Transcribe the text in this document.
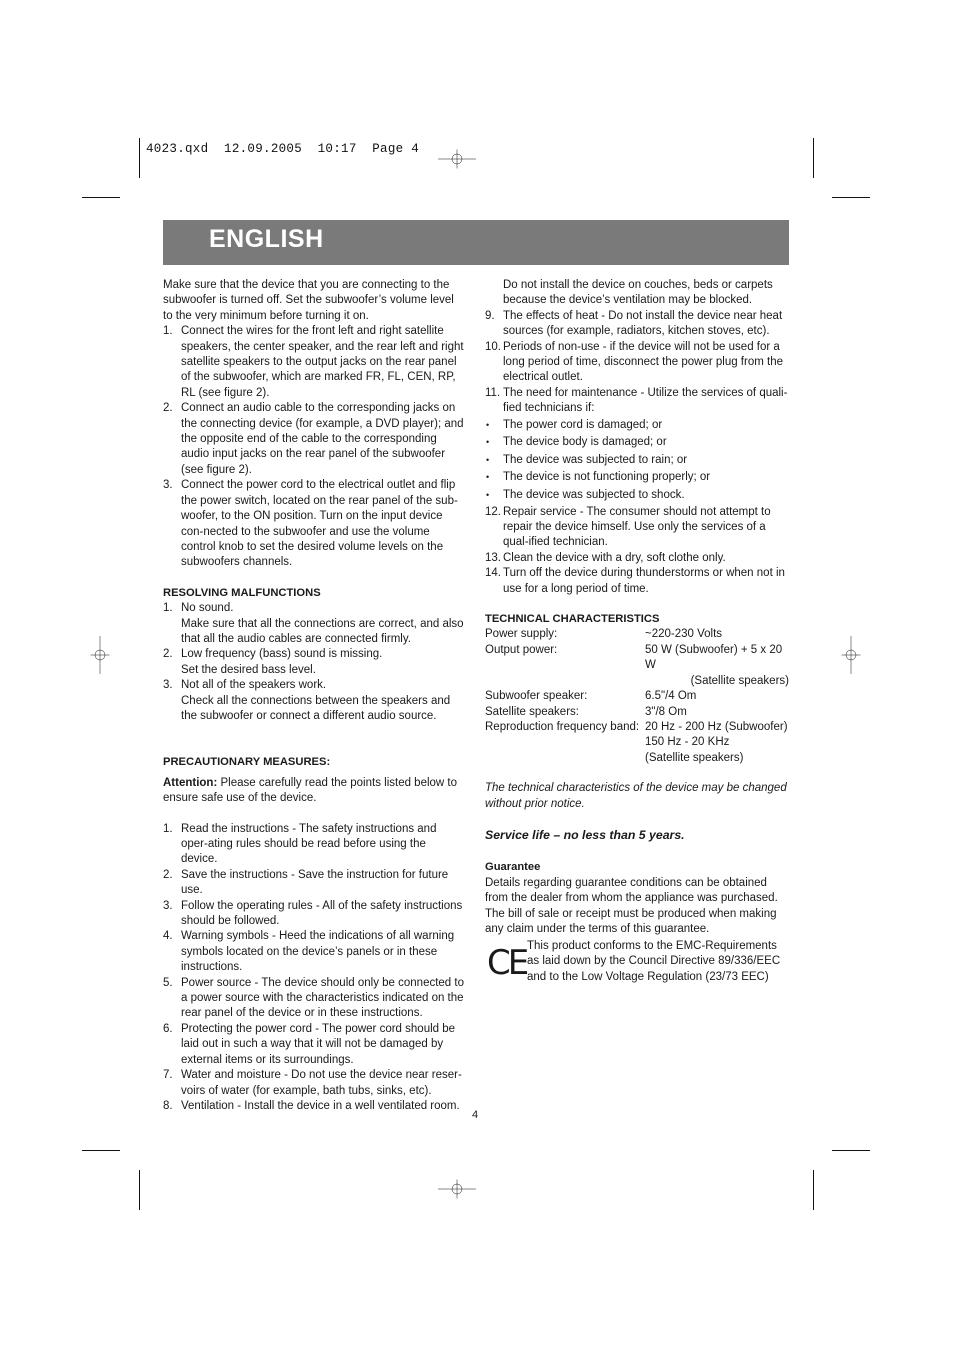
4023.qxd  12.09.2005  10:17  Page 4
ENGLISH

Make sure that the device that you are connecting to the subwoofer is turned off. Set the subwoofer’s volume level to the very minimum before turning it on.

1. Connect the wires for the front left and right satellite speakers, the center speaker, and the rear left and right satellite speakers to the output jacks on the rear panel of the subwoofer, which are marked FR, FL, CEN, RP, RL (see figure 2).
2. Connect an audio cable to the corresponding jacks on the connecting device (for example, a DVD player); and the opposite end of the cable to the corresponding audio input jacks on the rear panel of the subwoofer (see figure 2).
3. Connect the power cord to the electrical outlet and flip the power switch, located on the rear panel of the sub-woofer, to the ON position. Turn on the input device con-nected to the subwoofer and use the volume control knob to set the desired volume levels on the subwoofers channels.

RESOLVING MALFUNCTIONS

1. No sound.
Make sure that all the connections are correct, and also that all the audio cables are connected firmly.
2. Low frequency (bass) sound is missing.
Set the desired bass level.
3. Not all of the speakers work.
Check all the connections between the speakers and the subwoofer or connect a different audio source.

PRECAUTIONARY MEASURES:

Attention: Please carefully read the points listed below to ensure safe use of the device.

1. Read the instructions - The safety instructions and oper-ating rules should be read before using the device.
2. Save the instructions - Save the instruction for future use.
3. Follow the operating rules - All of the safety instructions should be followed.
4. Warning symbols - Heed the indications of all warning symbols located on the device’s panels or in these instructions.
5. Power source - The device should only be connected to a power source with the characteristics indicated on the rear panel of the device or in these instructions.
6. Protecting the power cord - The power cord should be laid out in such a way that it will not be damaged by external items or its surroundings.
7. Water and moisture - Do not use the device near reser-voirs of water (for example, bath tubs, sinks, etc).
8. Ventilation - Install the device in a well ventilated room.

Do not install the device on couches, beds or carpets because the device’s ventilation may be blocked.

9. The effects of heat - Do not install the device near heat sources (for example, radiators, kitchen stoves, etc).
10. Periods of non-use - if the device will not be used for a long period of time, disconnect the power plug from the electrical outlet.
11. The need for maintenance - Utilize the services of quali-fied technicians if:
• The power cord is damaged; or
• The device body is damaged; or
• The device was subjected to rain; or
• The device is not functioning properly; or
• The device was subjected to shock.
12. Repair service - The consumer should not attempt to repair the device himself. Use only the services of a qual-ified technician.
13. Clean the device with a dry, soft clothe only.
14. Turn off the device during thunderstorms or when not in use for a long period of time.

TECHNICAL CHARACTERISTICS

Power supply:	~220-230 Volts
Output power:	50 W (Subwoofer) + 5 x 20 W

(Satellite speakers)

Subwoofer speaker:	6.5"/4 Om
Satellite speakers:	3"/8 Om
Reproduction frequency band:	20 Hz - 200 Hz (Subwoofer)
150 Hz - 20 KHz
(Satellite speakers)

The technical characteristics of the device may be changed without prior notice.

Service life – no less than 5 years.

Guarantee

Details regarding guarantee conditions can be obtained from the dealer from whom the appliance was purchased. The bill of sale or receipt must be produced when making any claim under the terms of this guarantee.

CE This product conforms to the EMC-Requirements as laid down by the Council Directive 89/336/EEC and to the Low Voltage Regulation (23/73 EEC)
4
